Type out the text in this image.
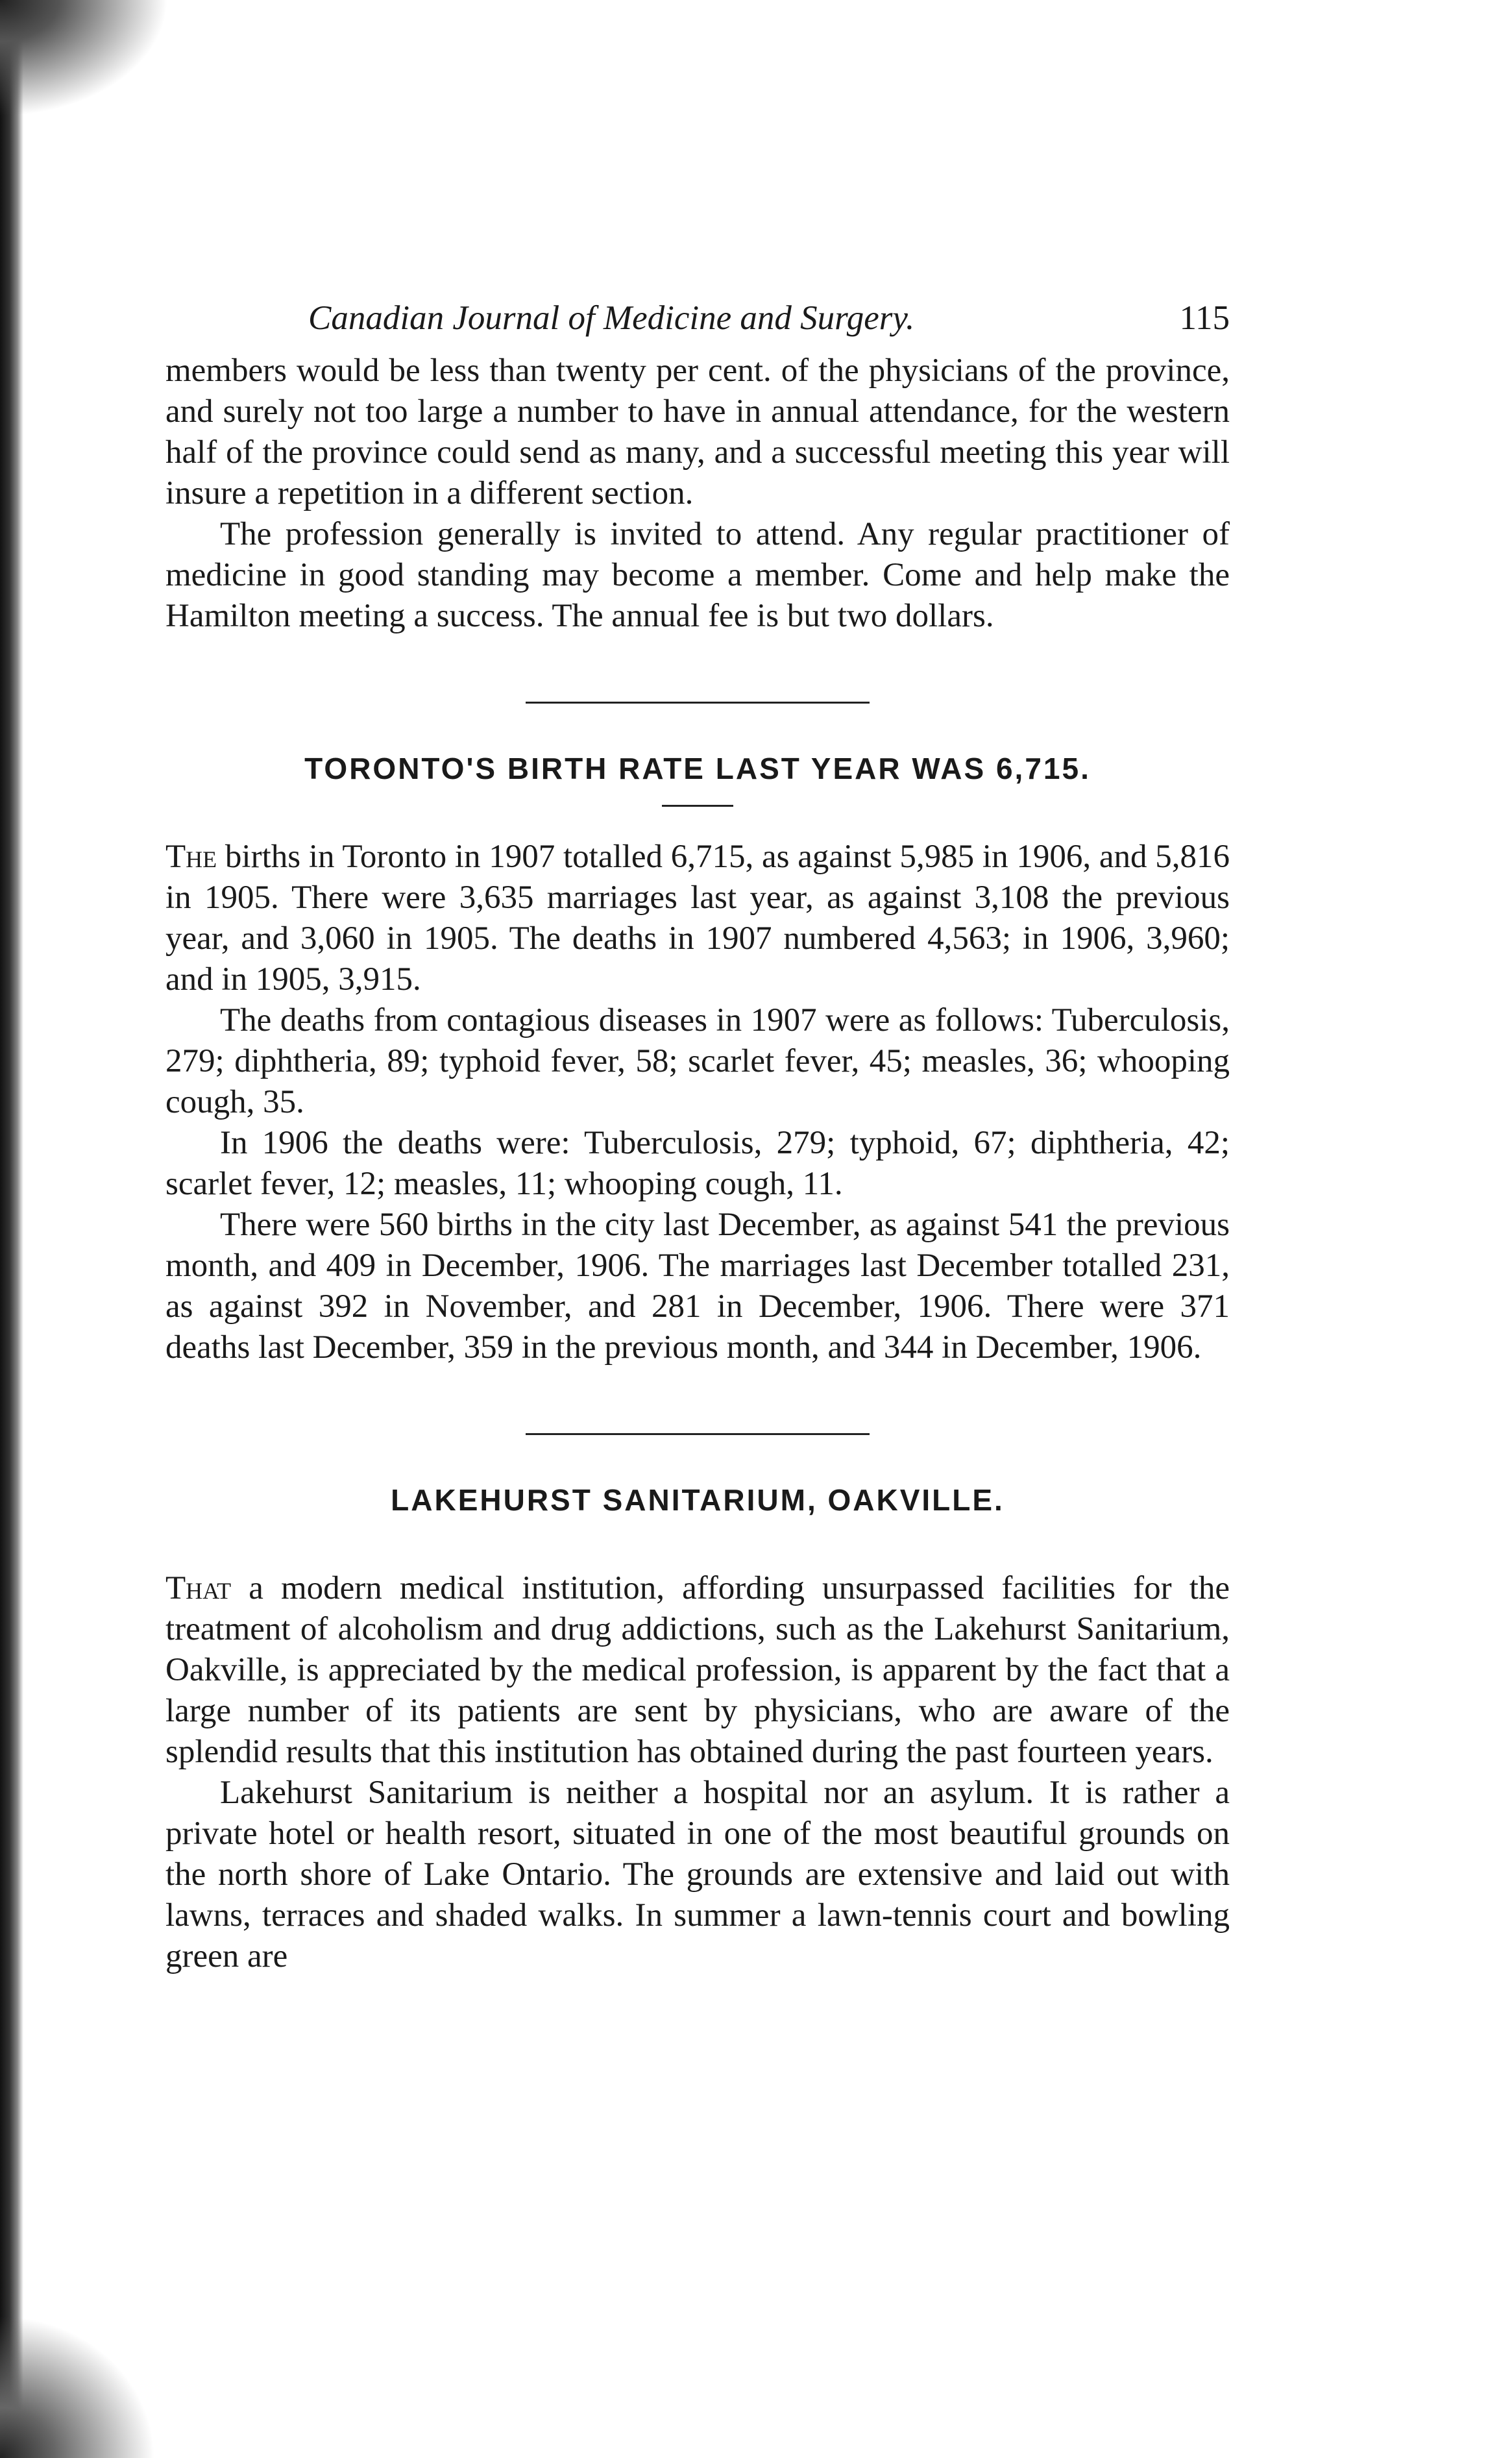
Canadian Journal of Medicine and Surgery.	115

members would be less than twenty per cent. of the physicians of the province, and surely not too large a number to have in annual attendance, for the western half of the province could send as many, and a successful meeting this year will insure a repetition in a different section.

The profession generally is invited to attend. Any regular practitioner of medicine in good standing may become a member. Come and help make the Hamilton meeting a success. The annual fee is but two dollars.

TORONTO'S BIRTH RATE LAST YEAR WAS 6,715.

The births in Toronto in 1907 totalled 6,715, as against 5,985 in 1906, and 5,816 in 1905. There were 3,635 marriages last year, as against 3,108 the previous year, and 3,060 in 1905. The deaths in 1907 numbered 4,563; in 1906, 3,960; and in 1905, 3,915.

The deaths from contagious diseases in 1907 were as follows: Tuberculosis, 279; diphtheria, 89; typhoid fever, 58; scarlet fever, 45; measles, 36; whooping cough, 35.

In 1906 the deaths were: Tuberculosis, 279; typhoid, 67; diphtheria, 42; scarlet fever, 12; measles, 11; whooping cough, 11.

There were 560 births in the city last December, as against 541 the previous month, and 409 in December, 1906. The marriages last December totalled 231, as against 392 in November, and 281 in December, 1906. There were 371 deaths last December, 359 in the previous month, and 344 in December, 1906.

LAKEHURST SANITARIUM, OAKVILLE.

That a modern medical institution, affording unsurpassed facilities for the treatment of alcoholism and drug addictions, such as the Lakehurst Sanitarium, Oakville, is appreciated by the medical profession, is apparent by the fact that a large number of its patients are sent by physicians, who are aware of the splendid results that this institution has obtained during the past fourteen years.

Lakehurst Sanitarium is neither a hospital nor an asylum. It is rather a private hotel or health resort, situated in one of the most beautiful grounds on the north shore of Lake Ontario. The grounds are extensive and laid out with lawns, terraces and shaded walks. In summer a lawn-tennis court and bowling green are
